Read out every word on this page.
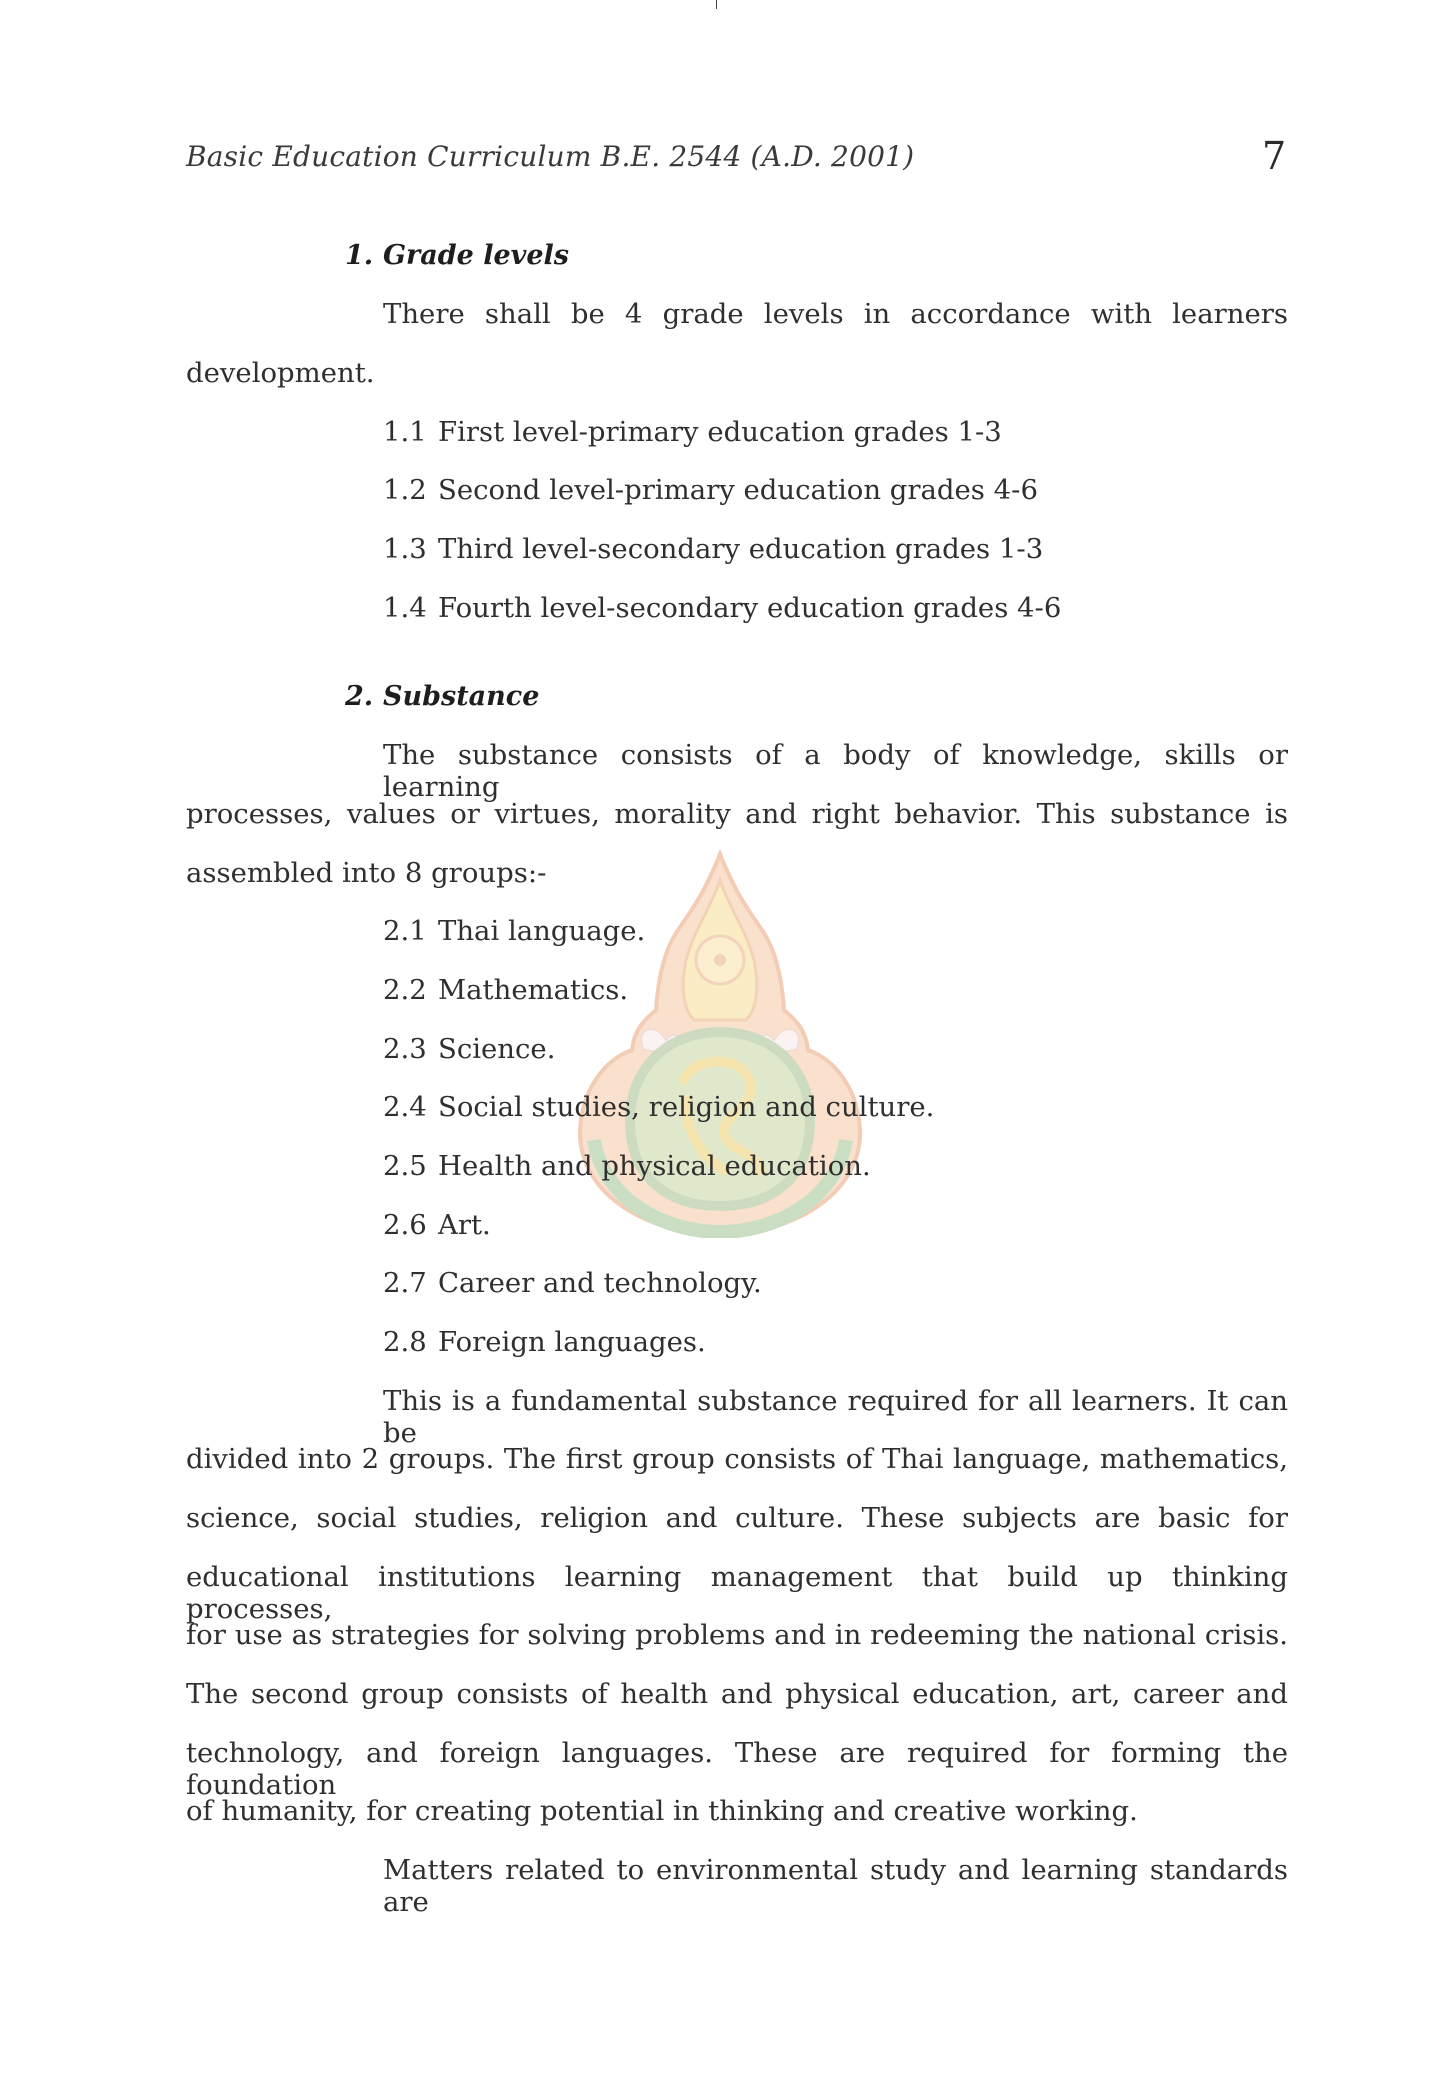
Basic Education Curriculum B.E. 2544 (A.D. 2001)	7
1. Grade levels
There shall be 4 grade levels in accordance with learners
development.
1.1 First level-primary education grades 1-3
1.2 Second level-primary education grades 4-6
1.3 Third level-secondary education grades 1-3
1.4 Fourth level-secondary education grades 4-6
2. Substance
The substance consists of a body of knowledge, skills or learning
processes, values or virtues, morality and right behavior. This substance is
assembled into 8 groups:-
2.1 Thai language.
2.2 Mathematics.
2.3 Science.
2.4 Social studies, religion and culture.
2.5 Health and physical education.
2.6 Art.
2.7 Career and technology.
2.8 Foreign languages.
This is a fundamental substance required for all learners. It can be
divided into 2 groups. The first group consists of Thai language, mathematics,
science, social studies, religion and culture. These subjects are basic for
educational institutions learning management that build up thinking processes,
for use as strategies for solving problems and in redeeming the national crisis.
The second group consists of health and physical education, art, career and
technology, and foreign languages. These are required for forming the foundation
of humanity, for creating potential in thinking and creative working.
Matters related to environmental study and learning standards are
